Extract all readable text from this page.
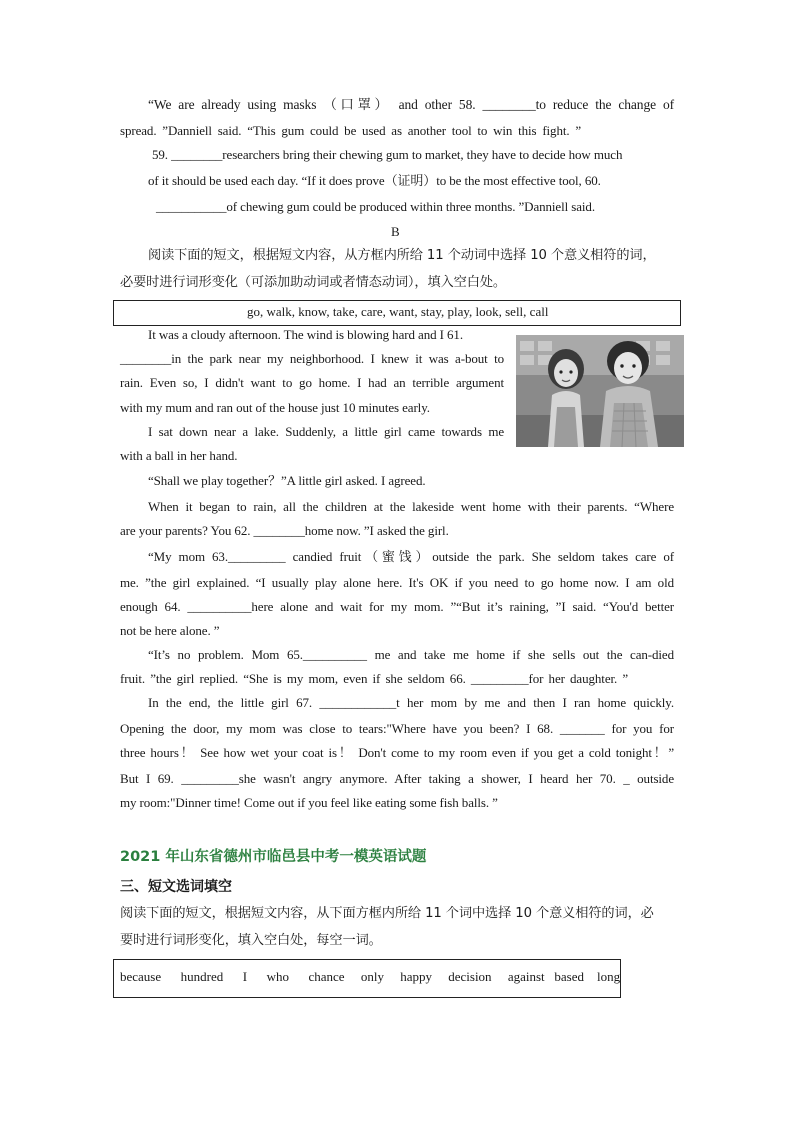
“We are already using masks （口罩） and other 58. ________to reduce the change of
spread. ”Danniell said. “This gum could be used as another tool to win this fight. ”
59. ________researchers bring their chewing gum to market, they have to decide how much
of it should be used each day. “If it does prove（证明）to be the most effective tool, 60.
___________of chewing gum could be produced within three months. ”Danniell said.
B
阅读下面的短文，根据短文内容，从方框内所给 11 个动词中选择 10 个意义相符的词，
必要时进行词形变化（可添加助动词或者情态动词），填入空白处。
go, walk, know, take, care, want, stay, play, look, sell, call
It was a cloudy afternoon. The wind is blowing hard and I 61.
________in the park near my neighborhood. I knew it was a-bout to
rain. Even so, I didn't want to go home. I had an terrible argument
with my mum and ran out of the house just 10 minutes early.
I sat down near a lake. Suddenly, a little girl came towards me
with a ball in her hand.
“Shall we play together？”A little girl asked. I agreed.
When it began to rain, all the children at the lakeside went home with their parents. “Where
are your parents? You 62. ________home now. ”I asked the girl.
“My mom 63._________ candied fruit（蜜饯）outside the park. She seldom takes care of
me. ”the girl explained. “I usually play alone here. It's OK if you need to go home now. I am old
enough 64. __________here alone and wait for my mom. ”“But it’s raining, ”I said. “You'd better
not be here alone. ”
“It’s no problem. Mom 65.__________ me and take me home if she sells out the can-died
fruit. ”the girl replied. “She is my mom, even if she seldom 66. _________for her daughter. ”
In the end, the little girl 67. ____________t her mom by me and then I ran home quickly.
Opening the door, my mom was close to tears:"Where have you been? I 68. _______ for you for
three hours！ See how wet your coat is！ Don't come to my room even if you get a cold tonight！”
But I 69. _________she wasn't angry anymore. After taking a shower, I heard her 70. _ outside
my room:"Dinner time! Come out if you feel like eating some fish balls. ”
2021 年山东省德州市临邑县中考一模英语试题
三、短文选词填空
阅读下面的短文，根据短文内容，从下面方框内所给 11 个词中选择 10 个意义相符的词，必
要时进行词形变化，填入空白处，每空一词。
because hundred I who chance only happy decision against based long
